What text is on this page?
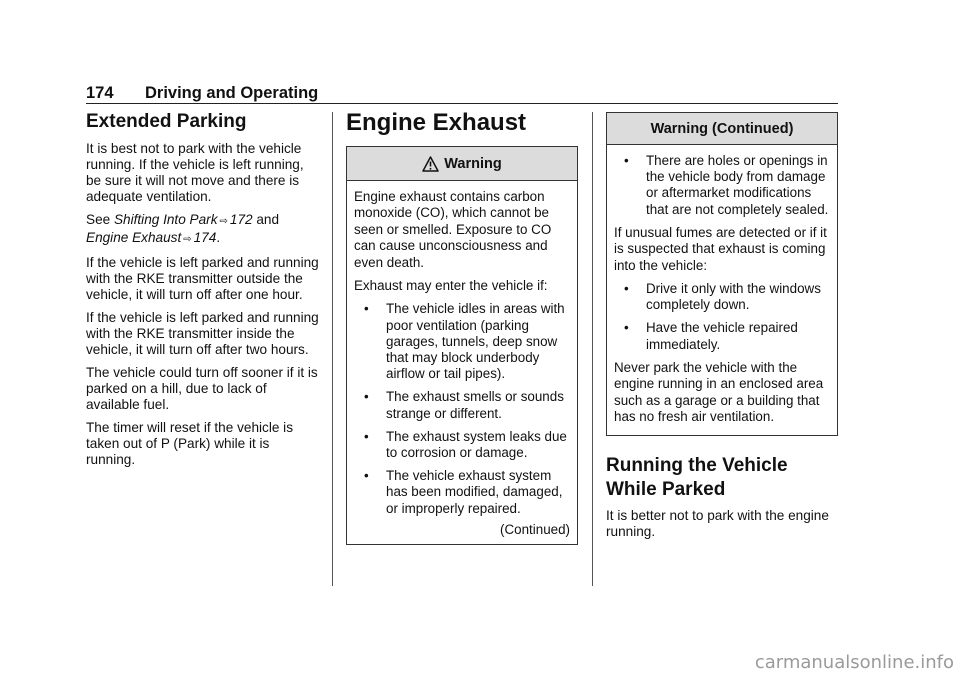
174 Driving and Operating
Extended Parking

It is best not to park with the vehicle running. If the vehicle is left running, be sure it will not move and there is adequate ventilation.

See Shifting Into Park ⇨ 172 and
Engine Exhaust ⇨ 174.

If the vehicle is left parked and running with the RKE transmitter outside the vehicle, it will turn off after one hour.

If the vehicle is left parked and running with the RKE transmitter inside the vehicle, it will turn off after two hours.

The vehicle could turn off sooner if it is parked on a hill, due to lack of available fuel.

The timer will reset if the vehicle is taken out of P (Park) while it is running.

Engine Exhaust
Warning

Engine exhaust contains carbon monoxide (CO), which cannot be seen or smelled. Exposure to CO can cause unconsciousness and even death.

Exhaust may enter the vehicle if:

•	The vehicle idles in areas with poor ventilation (parking garages, tunnels, deep snow that may block underbody airflow or tail pipes).
•	The exhaust smells or sounds strange or different.
•	The exhaust system leaks due to corrosion or damage.
•	The vehicle exhaust system has been modified, damaged, or improperly repaired.
(Continued)
Warning (Continued)
•	There are holes or openings in the vehicle body from damage or aftermarket modifications that are not completely sealed.

If unusual fumes are detected or if it is suspected that exhaust is coming into the vehicle:

•	Drive it only with the windows completely down.
•	Have the vehicle repaired immediately.

Never park the vehicle with the engine running in an enclosed area such as a garage or a building that has no fresh air ventilation.

Running the Vehicle While Parked

It is better not to park with the engine running.

carmanualsonline.info
